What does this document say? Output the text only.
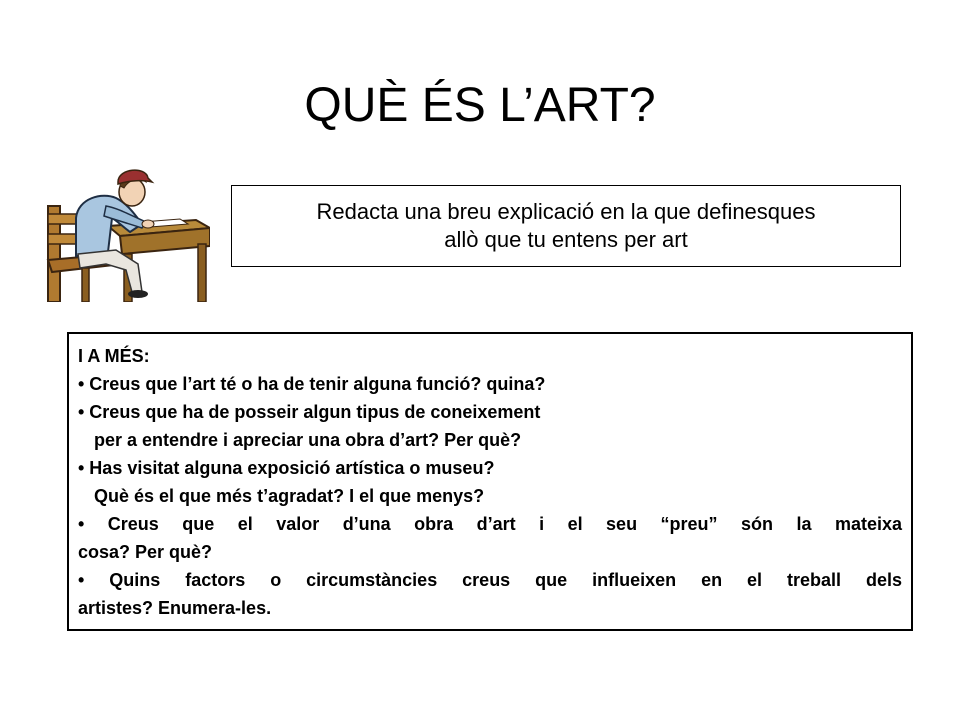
QUÈ ÉS L’ART?
Redacta una breu explicació en la que definesques
allò que tu entens per art
I A MÉS:
• Creus que l’art té o ha de tenir alguna funció? quina?
• Creus que ha de posseir algun tipus de coneixement
per a entendre i apreciar una obra d’art? Per què?
• Has visitat alguna exposició artística o museu?
Què és el que més t’agradat? I el que menys?
• Creus que el valor d’una obra d’art i el seu “preu” són la mateixa
cosa? Per què?
• Quins factors o circumstàncies creus que influeixen en el treball dels
artistes? Enumera-les.
